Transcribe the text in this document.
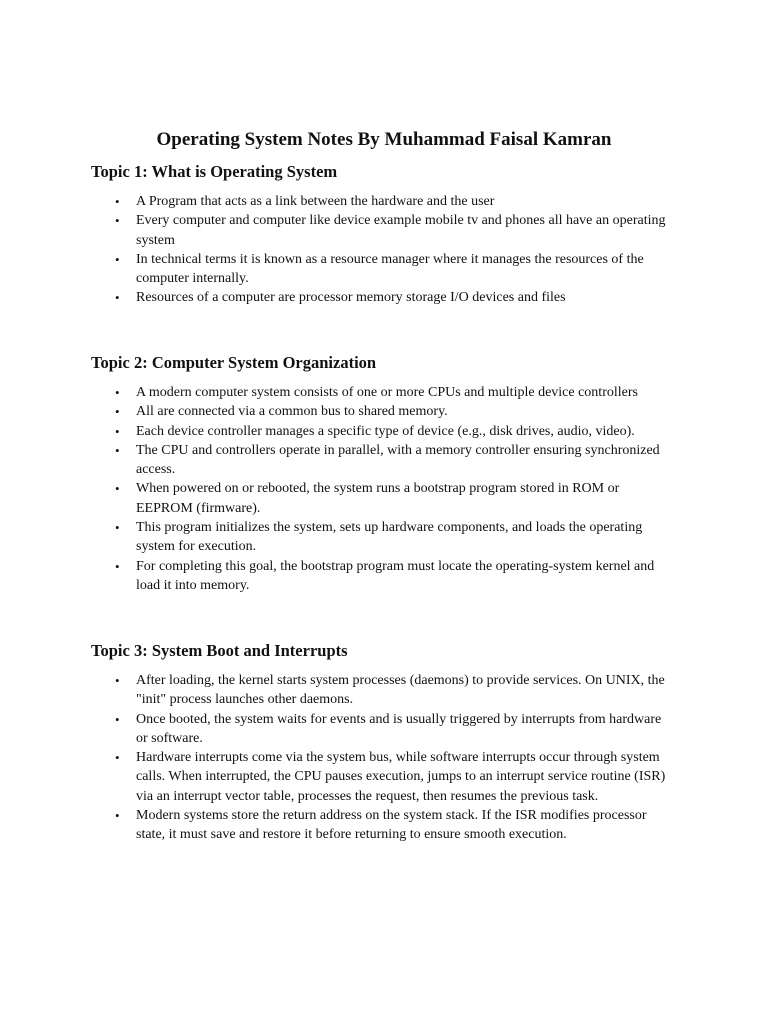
Operating System Notes By Muhammad Faisal Kamran
Topic 1: What is Operating System
• A Program that acts as a link between the hardware and the user
• Every computer and computer like device example mobile tv and phones all have an operating system
• In technical terms it is known as a resource manager where it manages the resources of the computer internally.
• Resources of a computer are processor memory storage I/O devices and files
Topic 2: Computer System Organization
• A modern computer system consists of one or more CPUs and multiple device controllers
• All are connected via a common bus to shared memory.
• Each device controller manages a specific type of device (e.g., disk drives, audio, video).
• The CPU and controllers operate in parallel, with a memory controller ensuring synchronized access.
• When powered on or rebooted, the system runs a bootstrap program stored in ROM or EEPROM (firmware).
• This program initializes the system, sets up hardware components, and loads the operating system for execution.
• For completing this goal, the bootstrap program must locate the operating-system kernel and load it into memory.
Topic 3: System Boot and Interrupts
• After loading, the kernel starts system processes (daemons) to provide services. On UNIX, the "init" process launches other daemons.
• Once booted, the system waits for events and is usually triggered by interrupts from hardware or software.
• Hardware interrupts come via the system bus, while software interrupts occur through system calls. When interrupted, the CPU pauses execution, jumps to an interrupt service routine (ISR) via an interrupt vector table, processes the request, then resumes the previous task.
• Modern systems store the return address on the system stack. If the ISR modifies processor state, it must save and restore it before returning to ensure smooth execution.
